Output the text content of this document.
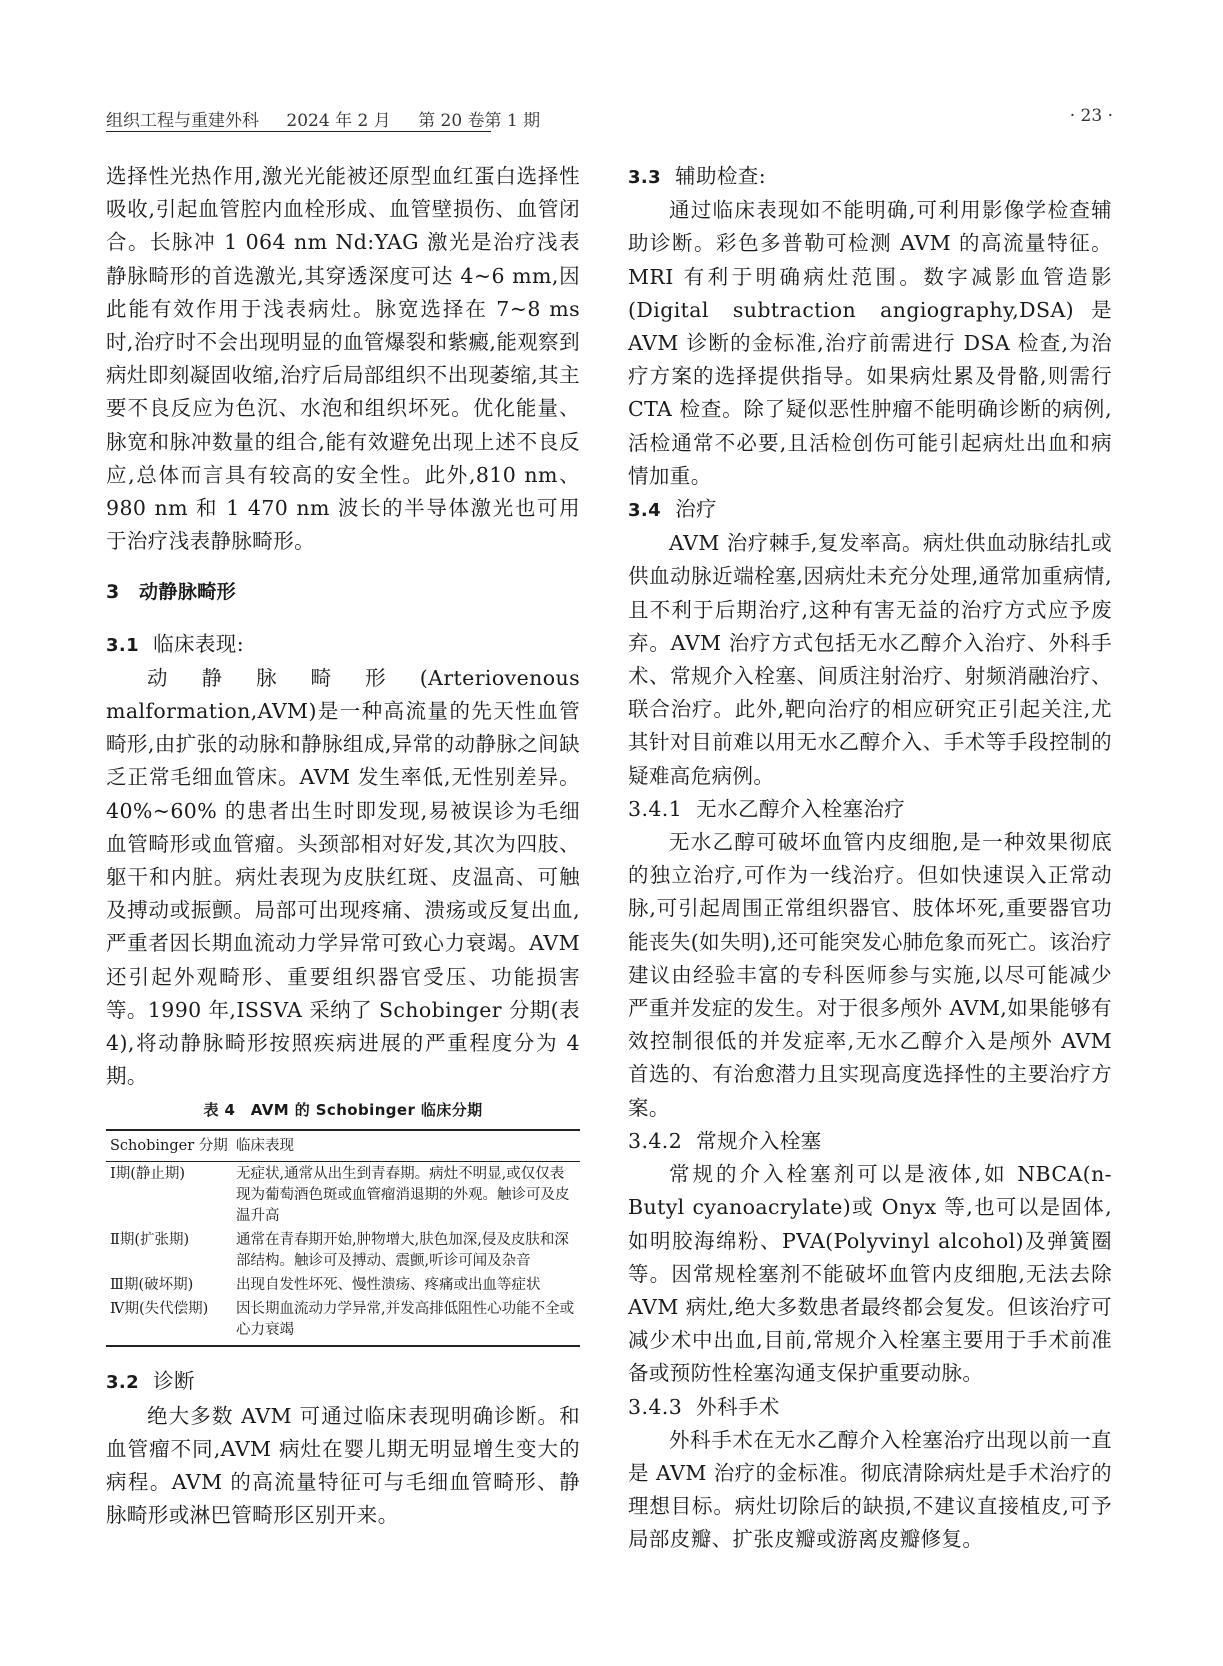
组织工程与重建外科 2024 年 2 月 第 20 卷第 1 期	· 23 ·

选择性光热作用,激光光能被还原型血红蛋白选择性吸收,引起血管腔内血栓形成、血管壁损伤、血管闭合。长脉冲 1 064 nm Nd:YAG 激光是治疗浅表静脉畸形的首选激光,其穿透深度可达 4~6 mm,因此能有效作用于浅表病灶。脉宽选择在 7~8 ms 时,治疗时不会出现明显的血管爆裂和紫癜,能观察到病灶即刻凝固收缩,治疗后局部组织不出现萎缩,其主要不良反应为色沉、水泡和组织坏死。优化能量、脉宽和脉冲数量的组合,能有效避免出现上述不良反应,总体而言具有较高的安全性。此外,810 nm、980 nm 和 1 470 nm 波长的半导体激光也可用于治疗浅表静脉畸形。

3　动静脉畸形

3.1 临床表现:

动静脉畸形(Arteriovenous malformation,AVM)是一种高流量的先天性血管畸形,由扩张的动脉和静脉组成,异常的动静脉之间缺乏正常毛细血管床。AVM 发生率低,无性别差异。40%~60% 的患者出生时即发现,易被误诊为毛细血管畸形或血管瘤。头颈部相对好发,其次为四肢、躯干和内脏。病灶表现为皮肤红斑、皮温高、可触及搏动或振颤。局部可出现疼痛、溃疡或反复出血,严重者因长期血流动力学异常可致心力衰竭。AVM 还引起外观畸形、重要组织器官受压、功能损害等。1990 年,ISSVA 采纳了 Schobinger 分期(表 4),将动静脉畸形按照疾病进展的严重程度分为 4 期。

表 4　AVM 的 Schobinger 临床分期
Schobinger 分期	临床表现
Ⅰ期(静止期)	无症状,通常从出生到青春期。病灶不明显,或仅仅表现为葡萄酒色斑或血管瘤消退期的外观。触诊可及皮温升高
Ⅱ期(扩张期)	通常在青春期开始,肿物增大,肤色加深,侵及皮肤和深部结构。触诊可及搏动、震颤,听诊可闻及杂音
Ⅲ期(破坏期)	出现自发性坏死、慢性溃疡、疼痛或出血等症状
Ⅳ期(失代偿期)	因长期血流动力学异常,并发高排低阻性心功能不全或心力衰竭

3.2 诊断

绝大多数 AVM 可通过临床表现明确诊断。和血管瘤不同,AVM 病灶在婴儿期无明显增生变大的病程。AVM 的高流量特征可与毛细血管畸形、静脉畸形或淋巴管畸形区别开来。

3.3 辅助检查:

通过临床表现如不能明确,可利用影像学检查辅助诊断。彩色多普勒可检测 AVM 的高流量特征。MRI 有利于明确病灶范围。数字减影血管造影(Digital subtraction angiography,DSA)是 AVM 诊断的金标准,治疗前需进行 DSA 检查,为治疗方案的选择提供指导。如果病灶累及骨骼,则需行 CTA 检查。除了疑似恶性肿瘤不能明确诊断的病例,活检通常不必要,且活检创伤可能引起病灶出血和病情加重。

3.4 治疗

AVM 治疗棘手,复发率高。病灶供血动脉结扎或供血动脉近端栓塞,因病灶未充分处理,通常加重病情,且不利于后期治疗,这种有害无益的治疗方式应予废弃。AVM 治疗方式包括无水乙醇介入治疗、外科手术、常规介入栓塞、间质注射治疗、射频消融治疗、联合治疗。此外,靶向治疗的相应研究正引起关注,尤其针对目前难以用无水乙醇介入、手术等手段控制的疑难高危病例。

3.4.1 无水乙醇介入栓塞治疗

无水乙醇可破坏血管内皮细胞,是一种效果彻底的独立治疗,可作为一线治疗。但如快速误入正常动脉,可引起周围正常组织器官、肢体坏死,重要器官功能丧失(如失明),还可能突发心肺危象而死亡。该治疗建议由经验丰富的专科医师参与实施,以尽可能减少严重并发症的发生。对于很多颅外 AVM,如果能够有效控制很低的并发症率,无水乙醇介入是颅外 AVM 首选的、有治愈潜力且实现高度选择性的主要治疗方案。

3.4.2 常规介入栓塞

常规的介入栓塞剂可以是液体,如 NBCA(n-Butyl cyanoacrylate)或 Onyx 等,也可以是固体,如明胶海绵粉、PVA(Polyvinyl alcohol)及弹簧圈等。因常规栓塞剂不能破坏血管内皮细胞,无法去除 AVM 病灶,绝大多数患者最终都会复发。但该治疗可减少术中出血,目前,常规介入栓塞主要用于手术前准备或预防性栓塞沟通支保护重要动脉。

3.4.3 外科手术

外科手术在无水乙醇介入栓塞治疗出现以前一直是 AVM 治疗的金标准。彻底清除病灶是手术治疗的理想目标。病灶切除后的缺损,不建议直接植皮,可予局部皮瓣、扩张皮瓣或游离皮瓣修复。
